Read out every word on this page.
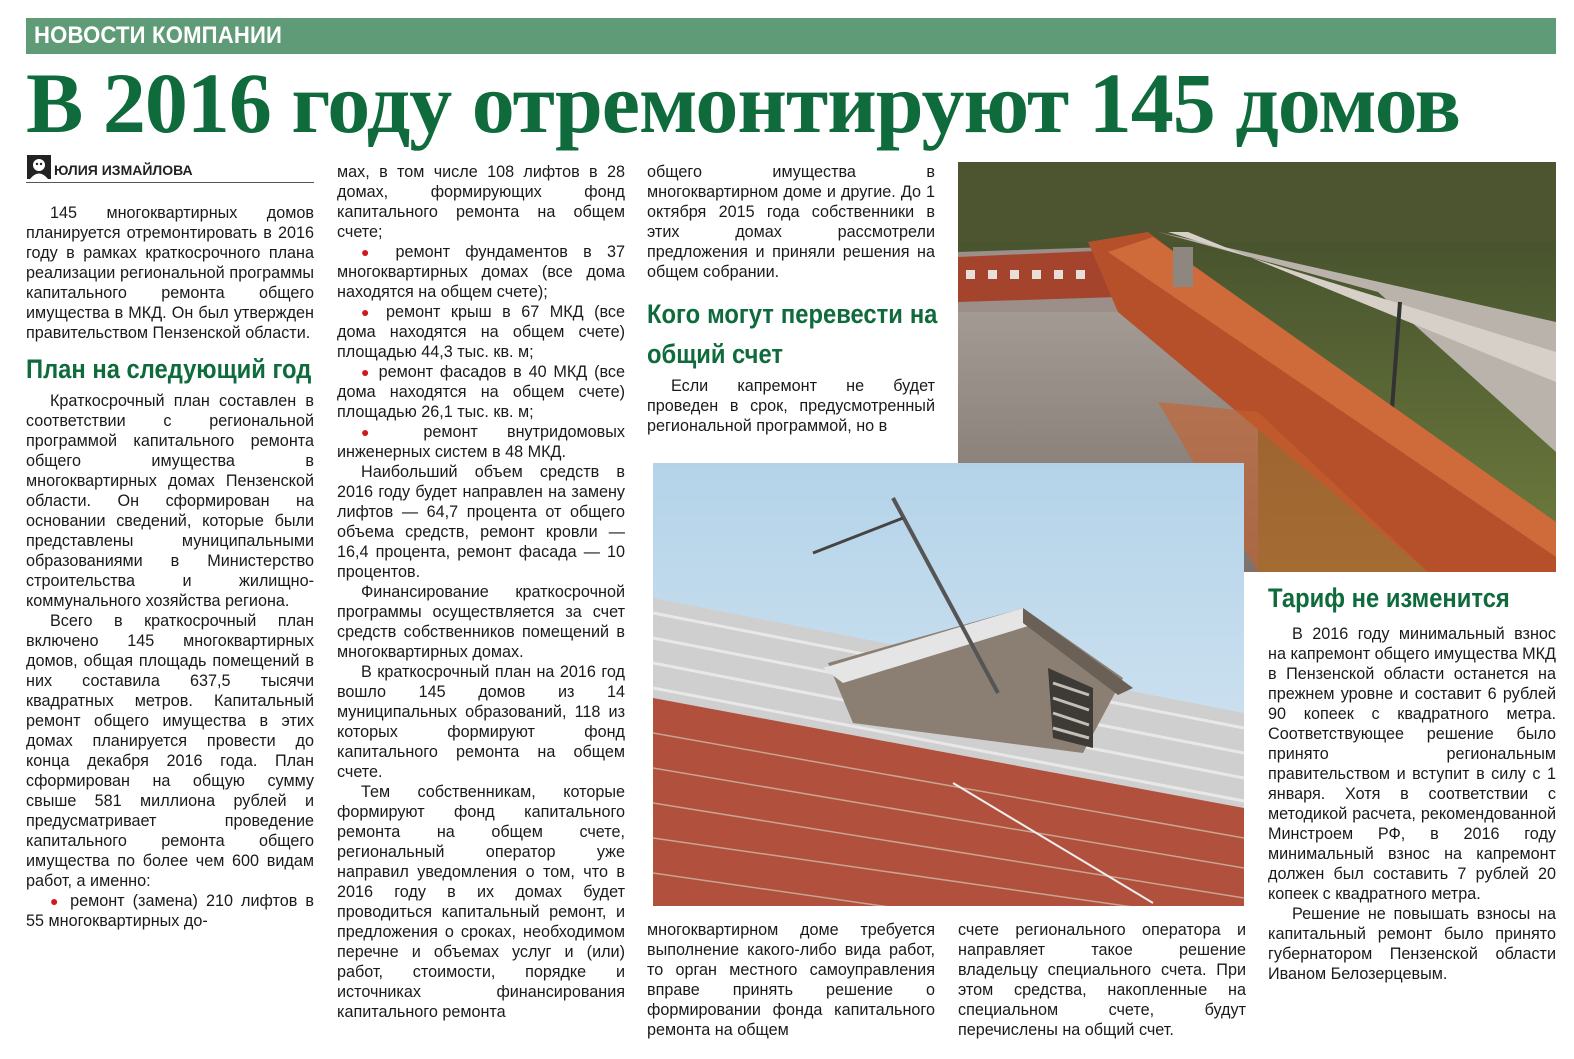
НОВОСТИ КОМПАНИИ
В 2016 году отремонтируют 145 домов
ЮЛИЯ ИЗМАЙЛОВА

145 многоквартирных домов планируется отремонтировать в 2016 году в рамках краткосрочного плана реализации региональной программы капитального ремонта общего имущества в МКД. Он был утвержден правительством Пензенской области.

План на следующий год

Краткосрочный план составлен в соответствии с региональной программой капитального ремонта общего имущества в многоквартирных домах Пензенской области. Он сформирован на основании сведений, которые были представлены муниципальными образованиями в Министерство строительства и жилищно-коммунального хозяйства региона.

Всего в краткосрочный план включено 145 многоквартирных домов, общая площадь помещений в них составила 637,5 тысячи квадратных метров. Капитальный ремонт общего имущества в этих домах планируется провести до конца декабря 2016 года. План сформирован на общую сумму свыше 581 миллиона рублей и предусматривает проведение капитального ремонта общего имущества по более чем 600 видам работ, а именно:

● ремонт (замена) 210 лифтов в 55 многоквартирных до-

мах, в том числе 108 лифтов в 28 домах, формирующих фонд капитального ремонта на общем счете;

● ремонт фундаментов в 37 многоквартирных домах (все дома находятся на общем счете);

● ремонт крыш в 67 МКД (все дома находятся на общем счете) площадью 44,3 тыс. кв. м;

● ремонт фасадов в 40 МКД (все дома находятся на общем счете) площадью 26,1 тыс. кв. м;

● ремонт внутридомовых инженерных систем в 48 МКД.

Наибольший объем средств в 2016 году будет направлен на замену лифтов — 64,7 процента от общего объема средств, ремонт кровли — 16,4 процента, ремонт фасада — 10 процентов.

Финансирование краткосрочной программы осуществляется за счет средств собственников помещений в многоквартирных домах.

В краткосрочный план на 2016 год вошло 145 домов из 14 муниципальных образований, 118 из которых формируют фонд капитального ремонта на общем счете.

Тем собственникам, которые формируют фонд капитального ремонта на общем счете, региональный оператор уже направил уведомления о том, что в 2016 году в их домах будет проводиться капитальный ремонт, и предложения о сроках, необходимом перечне и объемах услуг и (или) работ, стоимости, порядке и источниках финансирования капитального ремонта

общего имущества в многоквартирном доме и другие. До 1 октября 2015 года собственники в этих домах рассмотрели предложения и приняли решения на общем собрании.

Кого могут перевести на общий счет

Если капремонт не будет проведен в срок, предусмотренный региональной программой, но в

многоквартирном доме требуется выполнение какого-либо вида работ, то орган местного самоуправления вправе принять решение о формировании фонда капитального ремонта на общем

счете регионального оператора и направляет такое решение владельцу специального счета. При этом средства, накопленные на специальном счете, будут перечислены на общий счет.

Тариф не изменится

В 2016 году минимальный взнос на капремонт общего имущества МКД в Пензенской области останется на прежнем уровне и составит 6 рублей 90 копеек с квадратного метра. Соответствующее решение было принято региональным правительством и вступит в силу с 1 января. Хотя в соответствии с методикой расчета, рекомендованной Минстроем РФ, в 2016 году минимальный взнос на капремонт должен был составить 7 рублей 20 копеек с квадратного метра.

Решение не повышать взносы на капитальный ремонт было принято губернатором Пензенской области Иваном Белозерцевым.
